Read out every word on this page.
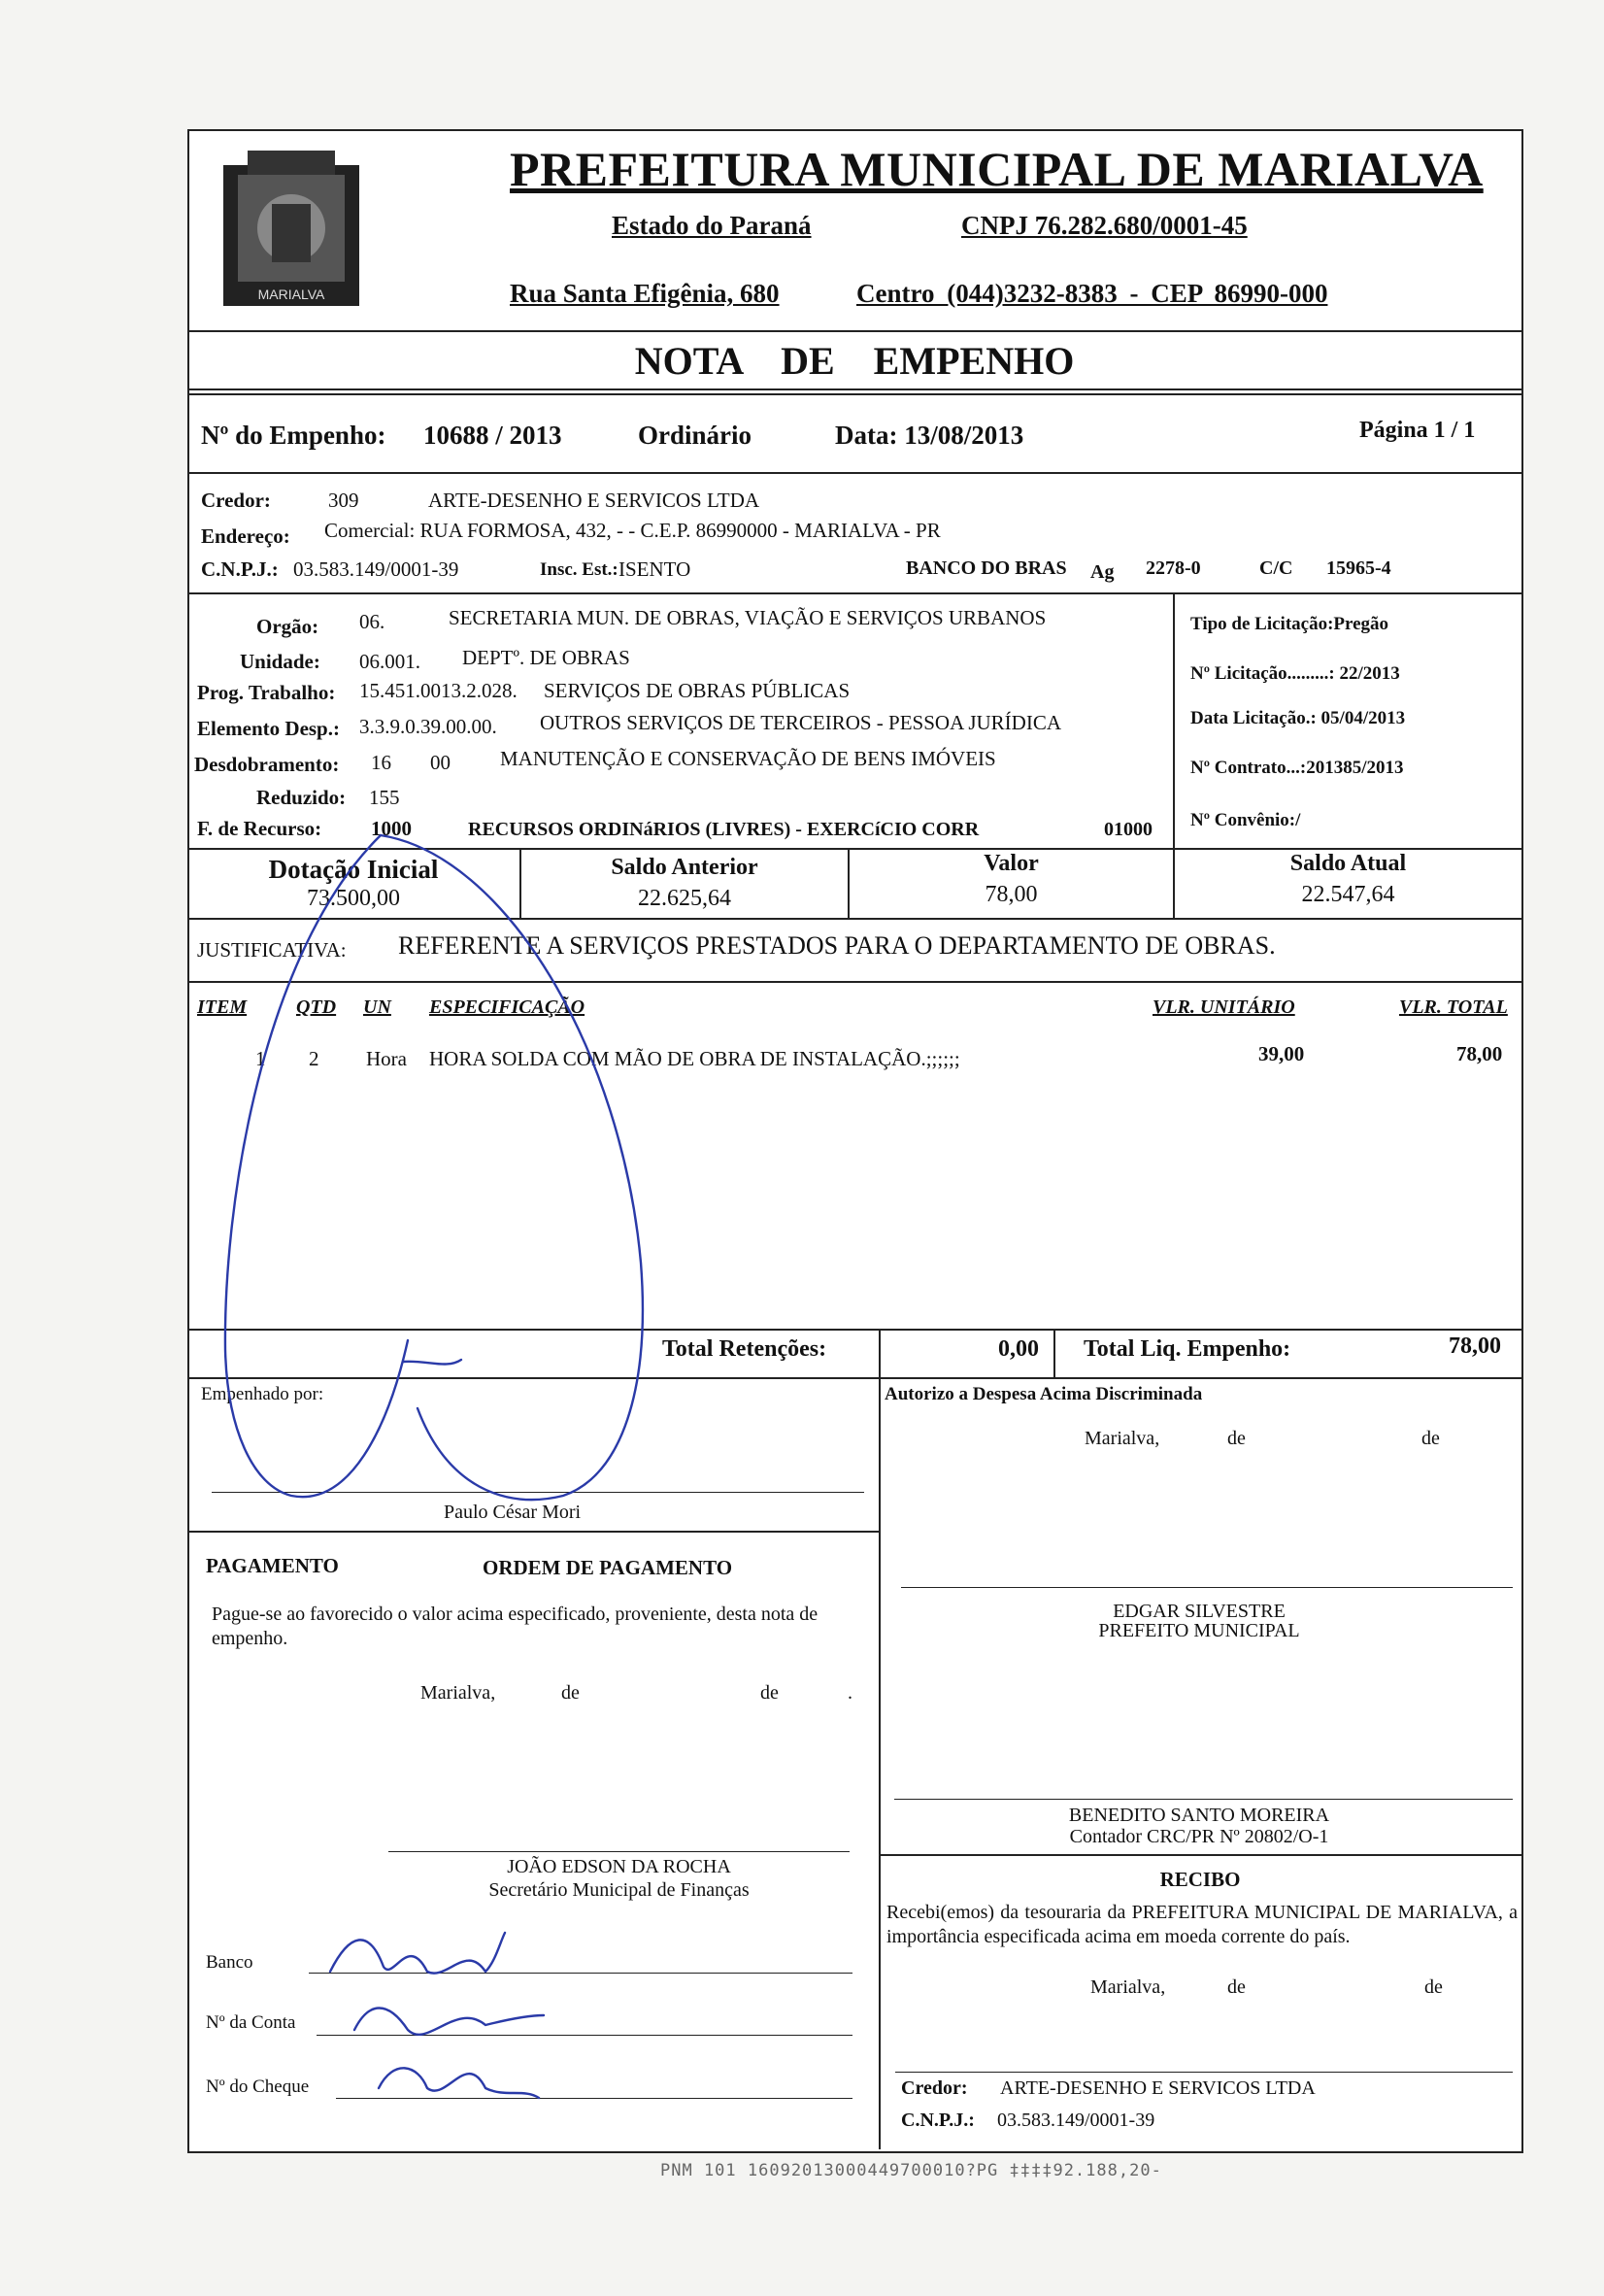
MARIALVA
PREFEITURA MUNICIPAL DE MARIALVA
Estado do Paraná	CNPJ 76.282.680/0001-45
Rua Santa Efigênia, 680	Centro (044)3232-8383 - CEP 86990-000
NOTA DE EMPENHO
Nº do Empenho: 10688 / 2013	Ordinário	Data: 13/08/2013	Página 1 / 1
Credor:	309	ARTE-DESENHO E SERVICOS LTDA
Endereço: Comercial: RUA FORMOSA, 432, - - C.E.P. 86990000 - MARIALVA - PR
C.N.P.J.: 03.583.149/0001-39	Insc. Est.: ISENTO	BANCO DO BRAS Ag 2278-0	C/C 15965-4
Orgão: 06.	SECRETARIA MUN. DE OBRAS, VIAÇÃO E SERVIÇOS URBANOS
Unidade: 06.001. DEPTº. DE OBRAS
Prog. Trabalho: 15.451.0013.2.028. SERVIÇOS DE OBRAS PÚBLICAS
Elemento Desp.: 3.3.9.0.39.00.00. OUTROS SERVIÇOS DE TERCEIROS - PESSOA JURÍDICA
Desdobramento: 16 00 MANUTENÇÃO E CONSERVAÇÃO DE BENS IMÓVEIS
Reduzido: 155
F. de Recurso: 1000	RECURSOS ORDINáRIOS (LIVRES) - EXERCíCIO CORR	01000
Tipo de Licitação:Pregão
Nº Licitação.........: 22/2013
Data Licitação.: 05/04/2013
Nº Contrato...:201385/2013
Nº Convênio:/
Dotação Inicial
73.500,00
Saldo Anterior
22.625,64
Valor
78,00
Saldo Atual
22.547,64
JUSTIFICATIVA: REFERENTE A SERVIÇOS PRESTADOS PARA O DEPARTAMENTO DE OBRAS.
ITEM	QTD UN ESPECIFICAÇÃO	VLR. UNITÁRIO	VLR. TOTAL
1 2 Hora HORA SOLDA COM MÃO DE OBRA DE INSTALAÇÃO.;;;;;;	39,00	78,00
Total Retenções:	0,00 Total Liq. Empenho:	78,00
Empenhado por:
Paulo César Mori
PAGAMENTO	ORDEM DE PAGAMENTO
Pague-se ao favorecido o valor acima especificado, proveniente, desta nota de empenho.
Marialva,	de	de	.
JOÃO EDSON DA ROCHA
Secretário Municipal de Finanças
Banco
Nº da Conta
Nº do Cheque
Autorizo a Despesa Acima Discriminada
Marialva,	de	de
EDGAR SILVESTRE
PREFEITO MUNICIPAL
BENEDITO SANTO MOREIRA
Contador CRC/PR Nº 20802/O-1
RECIBO
Recebi(emos) da tesouraria da PREFEITURA MUNICIPAL DE MARIALVA, a importância especificada acima em moeda corrente do país.
Marialva,	de	de
Credor: ARTE-DESENHO E SERVICOS LTDA
C.N.P.J.: 03.583.149/0001-39
PNM 101 16092013000449700010?PG ‡‡‡‡92.188,20-
